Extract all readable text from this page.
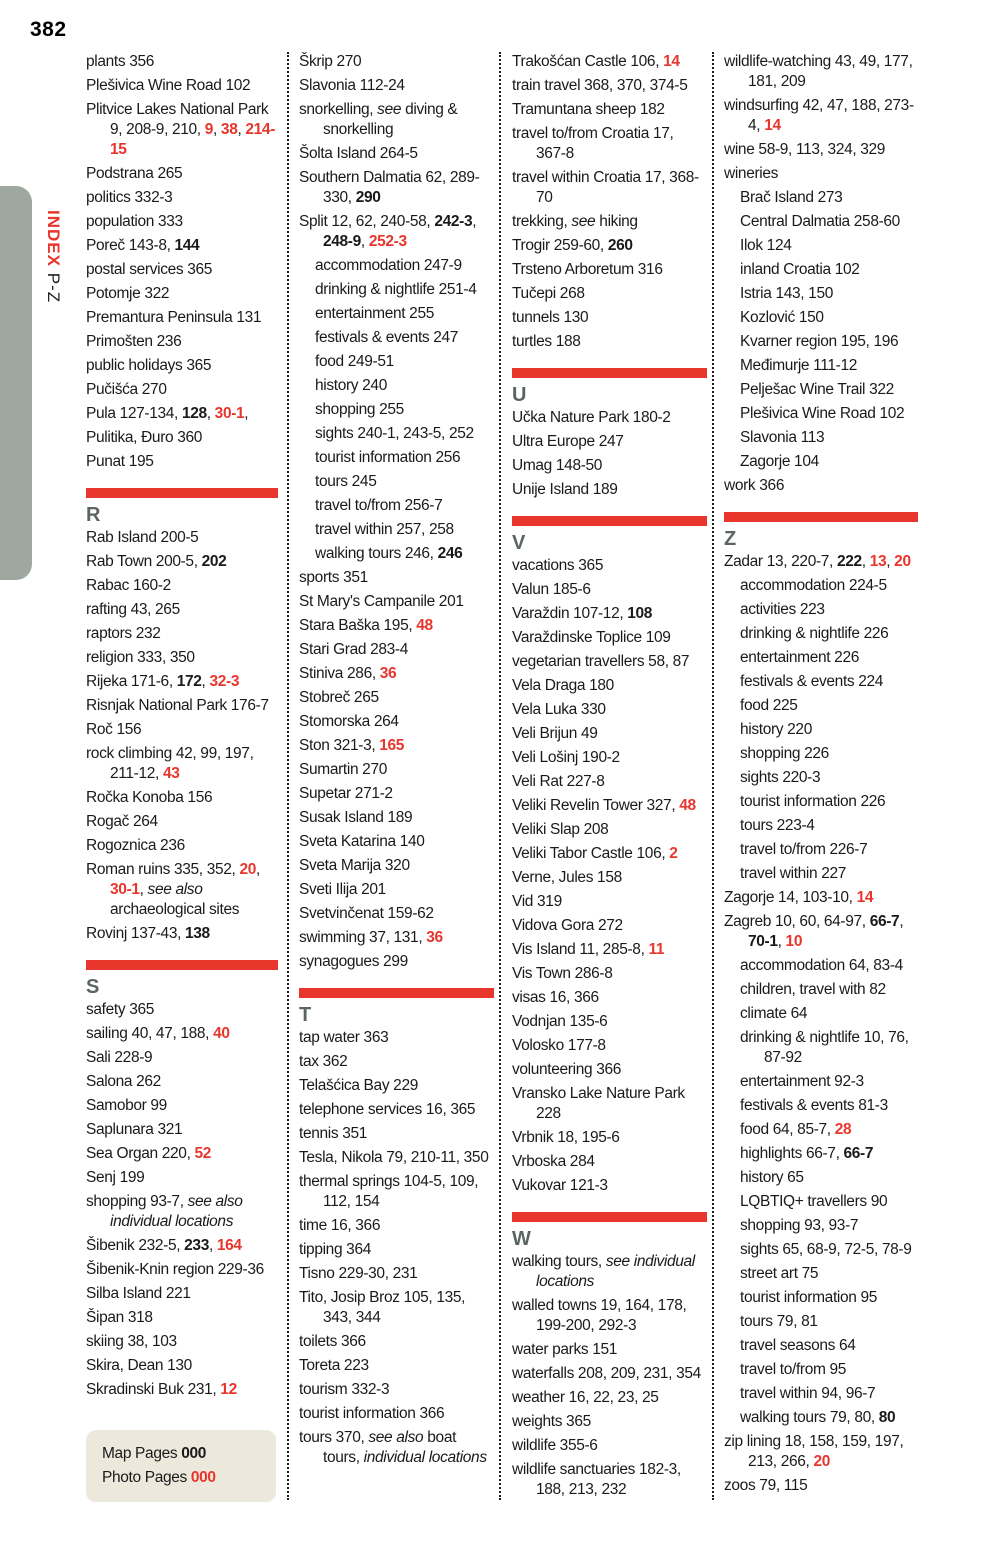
382
INDEX P-Z
plants 356
Plešivica Wine Road 102
Plitvice Lakes National Park 9, 208-9, 210, 9, 38, 214-15
Podstrana 265
politics 332-3
population 333
Poreč 143-8, 144
postal services 365
Potomje 322
Premantura Peninsula 131
Primošten 236
public holidays 365
Pučišća 270
Pula 127-134, 128, 30-1,
Pulitika, Đuro 360
Punat 195
R
Rab Island 200-5
Rab Town 200-5, 202
Rabac 160-2
rafting 43, 265
raptors 232
religion 333, 350
Rijeka 171-6, 172, 32-3
Risnjak National Park 176-7
Roč 156
rock climbing 42, 99, 197, 211-12, 43
Ročka Konoba 156
Rogač 264
Rogoznica 236
Roman ruins 335, 352, 20, 30-1, see also archaeological sites
Rovinj 137-43, 138
S
safety 365
sailing 40, 47, 188, 40
Sali 228-9
Salona 262
Samobor 99
Saplunara 321
Sea Organ 220, 52
Senj 199
shopping 93-7, see also individual locations
Šibenik 232-5, 233, 164
Šibenik-Knin region 229-36
Silba Island 221
Šipan 318
skiing 38, 103
Skira, Dean 130
Skradinski Buk 231, 12
Škrip 270
Slavonia 112-24
snorkelling, see diving & snorkelling
Šolta Island 264-5
Southern Dalmatia 62, 289-330, 290
Split 12, 62, 240-58, 242-3, 248-9, 252-3
accommodation 247-9
drinking & nightlife 251-4
entertainment 255
festivals & events 247
food 249-51
history 240
shopping 255
sights 240-1, 243-5, 252
tourist information 256
tours 245
travel to/from 256-7
travel within 257, 258
walking tours 246, 246
sports 351
St Mary's Campanile 201
Stara Baška 195, 48
Stari Grad 283-4
Stiniva 286, 36
Stobreč 265
Stomorska 264
Ston 321-3, 165
Sumartin 270
Supetar 271-2
Susak Island 189
Sveta Katarina 140
Sveta Marija 320
Sveti Ilija 201
Svetvinčenat 159-62
swimming 37, 131, 36
synagogues 299
T
tap water 363
tax 362
Telašćica Bay 229
telephone services 16, 365
tennis 351
Tesla, Nikola 79, 210-11, 350
thermal springs 104-5, 109, 112, 154
time 16, 366
tipping 364
Tisno 229-30, 231
Tito, Josip Broz 105, 135, 343, 344
toilets 366
Toreta 223
tourism 332-3
tourist information 366
tours 370, see also boat tours, individual locations
Trakošćan Castle 106, 14
train travel 368, 370, 374-5
Tramuntana sheep 182
travel to/from Croatia 17, 367-8
travel within Croatia 17, 368-70
trekking, see hiking
Trogir 259-60, 260
Trsteno Arboretum 316
Tučepi 268
tunnels 130
turtles 188
U
Učka Nature Park 180-2
Ultra Europe 247
Umag 148-50
Unije Island 189
V
vacations 365
Valun 185-6
Varaždin 107-12, 108
Varaždinske Toplice 109
vegetarian travellers 58, 87
Vela Draga 180
Vela Luka 330
Veli Brijun 49
Veli Lošinj 190-2
Veli Rat 227-8
Veliki Revelin Tower 327, 48
Veliki Slap 208
Veliki Tabor Castle 106, 2
Verne, Jules 158
Vid 319
Vidova Gora 272
Vis Island 11, 285-8, 11
Vis Town 286-8
visas 16, 366
Vodnjan 135-6
Volosko 177-8
volunteering 366
Vransko Lake Nature Park 228
Vrbnik 18, 195-6
Vrboska 284
Vukovar 121-3
W
walking tours, see individual locations
walled towns 19, 164, 178, 199-200, 292-3
water parks 151
waterfalls 208, 209, 231, 354
weather 16, 22, 23, 25
weights 365
wildlife 355-6
wildlife sanctuaries 182-3, 188, 213, 232
wildlife-watching 43, 49, 177, 181, 209
windsurfing 42, 47, 188, 273-4, 14
wine 58-9, 113, 324, 329
wineries
Brač Island 273
Central Dalmatia 258-60
Ilok 124
inland Croatia 102
Istria 143, 150
Kozlović 150
Kvarner region 195, 196
Međimurje 111-12
Pelješac Wine Trail 322
Plešivica Wine Road 102
Slavonia 113
Zagorje 104
work 366
Z
Zadar 13, 220-7, 222, 13, 20
accommodation 224-5
activities 223
drinking & nightlife 226
entertainment 226
festivals & events 224
food 225
history 220
shopping 226
sights 220-3
tourist information 226
tours 223-4
travel to/from 226-7
travel within 227
Zagorje 14, 103-10, 14
Zagreb 10, 60, 64-97, 66-7, 70-1, 10
accommodation 64, 83-4
children, travel with 82
climate 64
drinking & nightlife 10, 76, 87-92
entertainment 92-3
festivals & events 81-3
food 64, 85-7, 28
highlights 66-7, 66-7
history 65
LQBTIQ+ travellers 90
shopping 93, 93-7
sights 65, 68-9, 72-5, 78-9
street art 75
tourist information 95
tours 79, 81
travel seasons 64
travel to/from 95
travel within 94, 96-7
walking tours 79, 80, 80
zip lining 18, 158, 159, 197, 213, 266, 20
zoos 79, 115
Map Pages 000
Photo Pages 000
